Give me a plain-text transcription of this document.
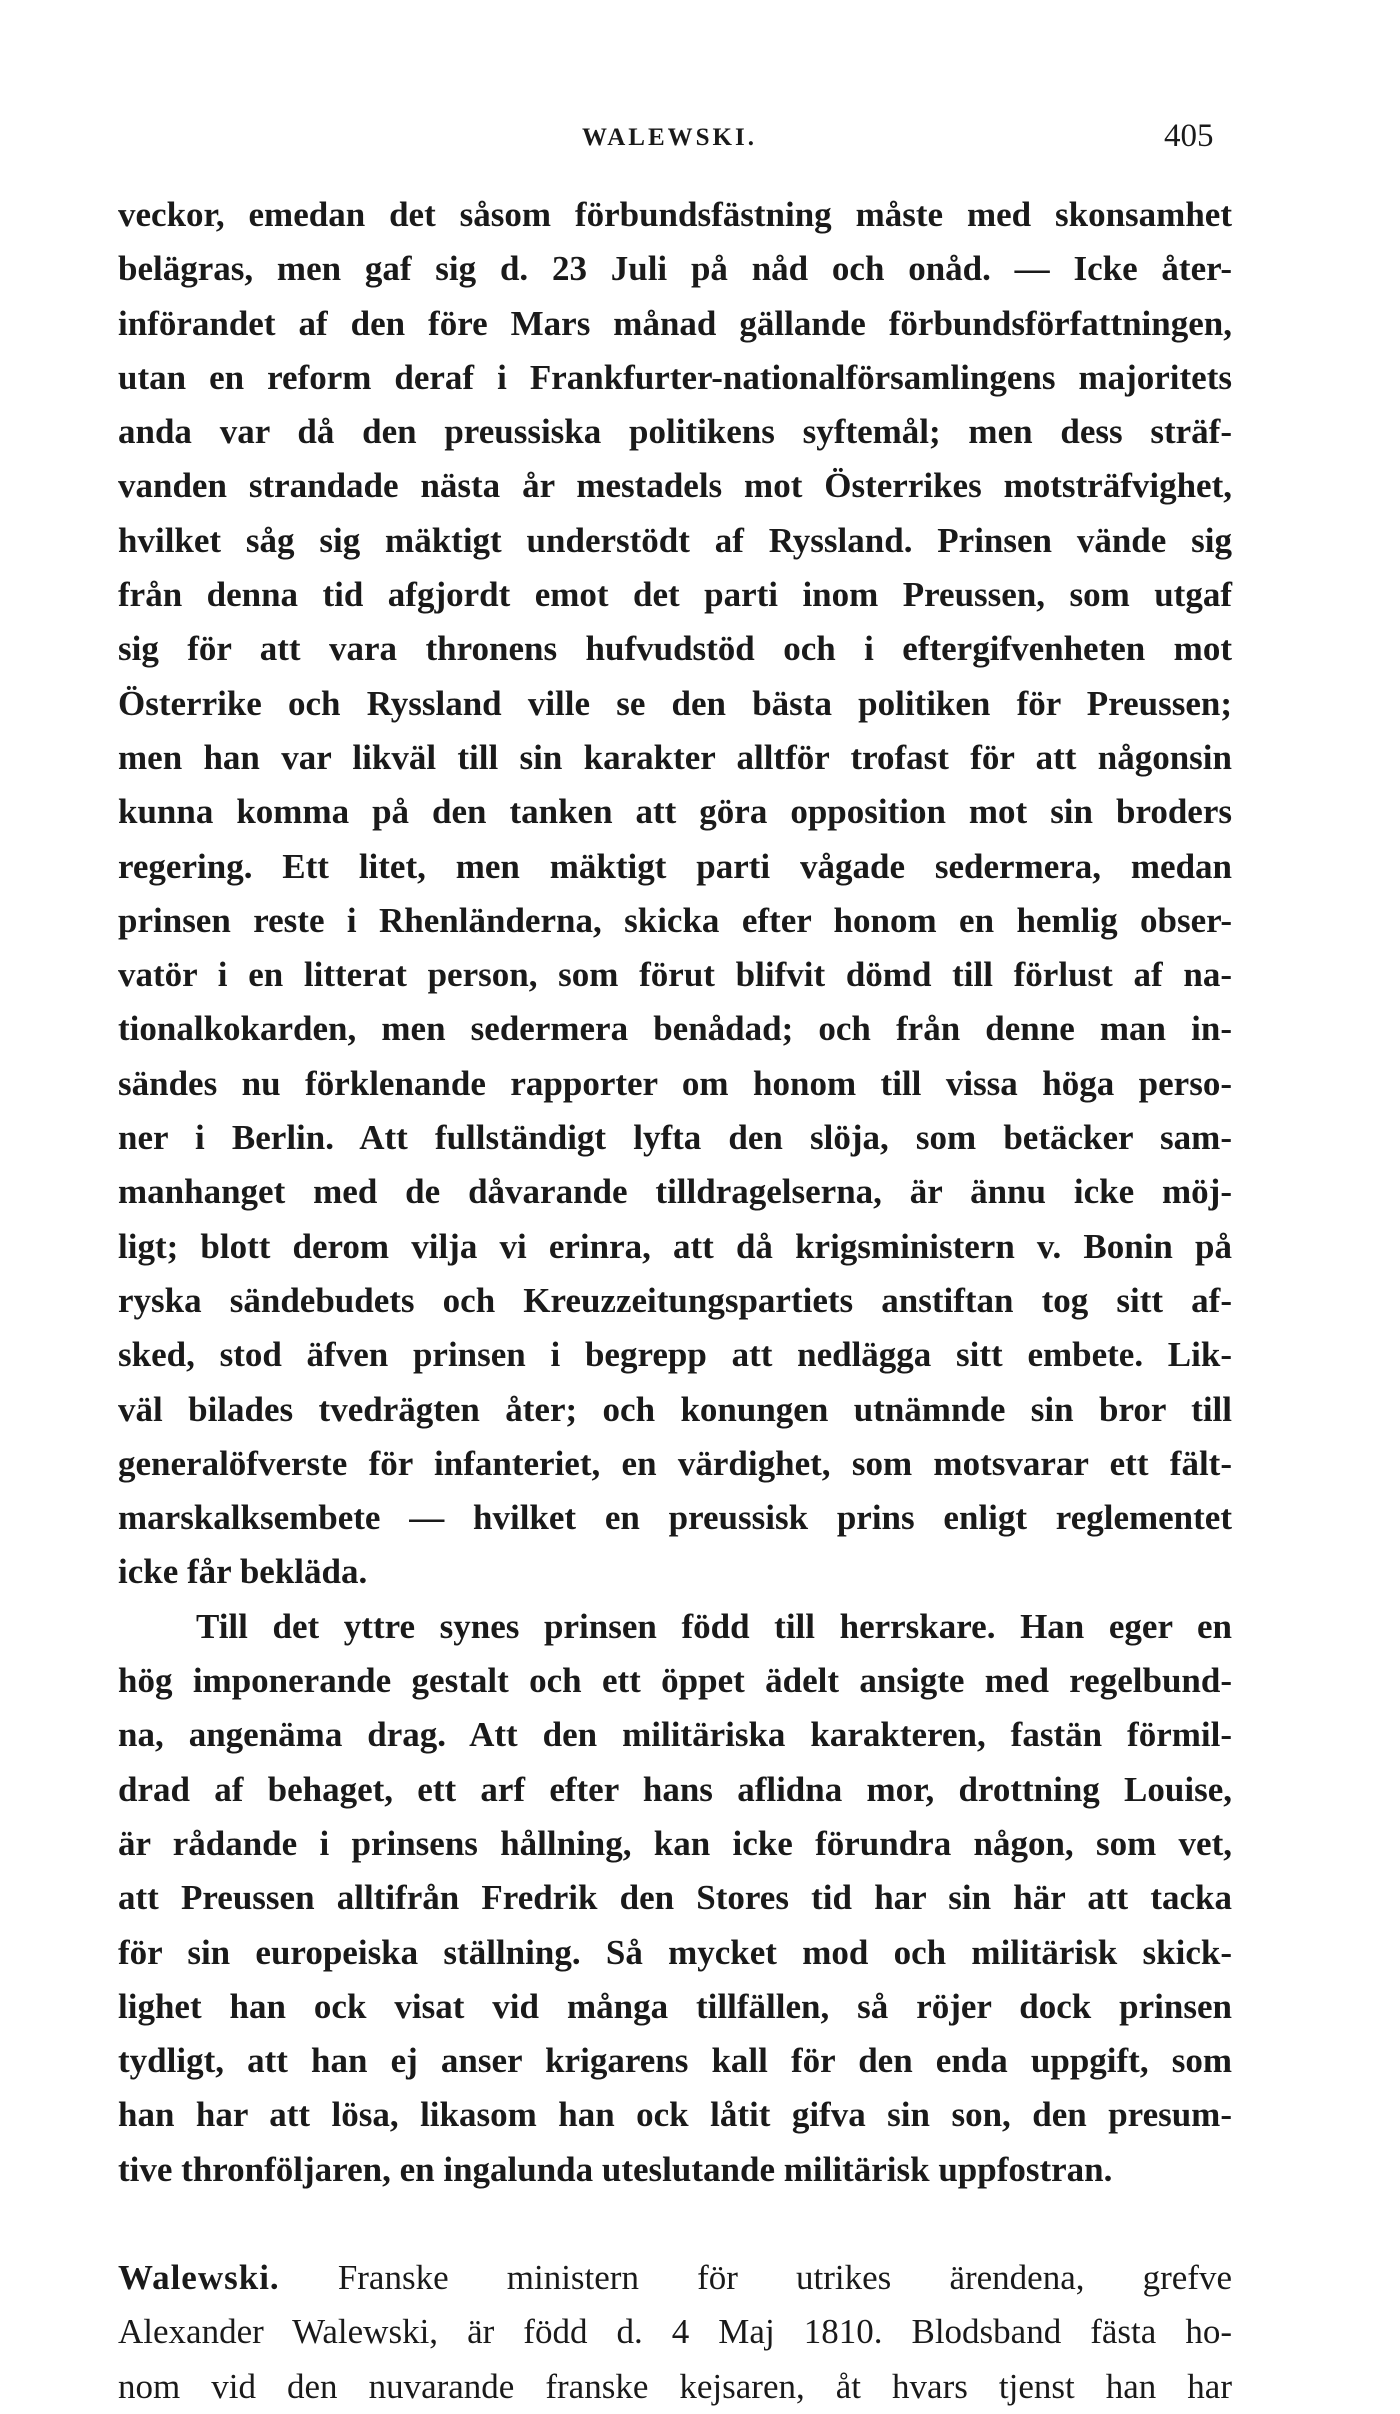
WALEWSKI.	405
veckor, emedan det såsom förbundsfästning måste med skonsamhet
belägras, men gaf sig d. 23 Juli på nåd och onåd. — Icke åter-
införandet af den före Mars månad gällande förbundsförfattningen,
utan en reform deraf i Frankfurter-nationalförsamlingens majoritets
anda var då den preussiska politikens syftemål; men dess sträf-
vanden strandade nästa år mestadels mot Österrikes motsträfvighet,
hvilket såg sig mäktigt understödt af Ryssland. Prinsen vände sig
från denna tid afgjordt emot det parti inom Preussen, som utgaf
sig för att vara thronens hufvudstöd och i eftergifvenheten mot
Österrike och Ryssland ville se den bästa politiken för Preussen;
men han var likväl till sin karakter alltför trofast för att någonsin
kunna komma på den tanken att göra opposition mot sin broders
regering. Ett litet, men mäktigt parti vågade sedermera, medan
prinsen reste i Rhenländerna, skicka efter honom en hemlig obser-
vatör i en litterat person, som förut blifvit dömd till förlust af na-
tionalkokarden, men sedermera benådad; och från denne man in-
sändes nu förklenande rapporter om honom till vissa höga perso-
ner i Berlin. Att fullständigt lyfta den slöja, som betäcker sam-
manhanget med de dåvarande tilldragelserna, är ännu icke möj-
ligt; blott derom vilja vi erinra, att då krigsministern v. Bonin på
ryska sändebudets och Kreuzzeitungspartiets anstiftan tog sitt af-
sked, stod äfven prinsen i begrepp att nedlägga sitt embete. Lik-
väl bilades tvedrägten åter; och konungen utnämnde sin bror till
generalöfverste för infanteriet, en värdighet, som motsvarar ett fält-
marskalksembete — hvilket en preussisk prins enligt reglementet
icke får bekläda.
Till det yttre synes prinsen född till herrskare. Han eger en
hög imponerande gestalt och ett öppet ädelt ansigte med regelbund-
na, angenäma drag. Att den militäriska karakteren, fastän förmil-
drad af behaget, ett arf efter hans aflidna mor, drottning Louise,
är rådande i prinsens hållning, kan icke förundra någon, som vet,
att Preussen alltifrån Fredrik den Stores tid har sin här att tacka
för sin europeiska ställning. Så mycket mod och militärisk skick-
lighet han ock visat vid många tillfällen, så röjer dock prinsen
tydligt, att han ej anser krigarens kall för den enda uppgift, som
han har att lösa, likasom han ock låtit gifva sin son, den presum-
tive thronföljaren, en ingalunda uteslutande militärisk uppfostran.
Walewski. Franske ministern för utrikes ärendena, grefve
Alexander Walewski, är född d. 4 Maj 1810. Blodsband fästa ho-
nom vid den nuvarande franske kejsaren, åt hvars tjenst han har
